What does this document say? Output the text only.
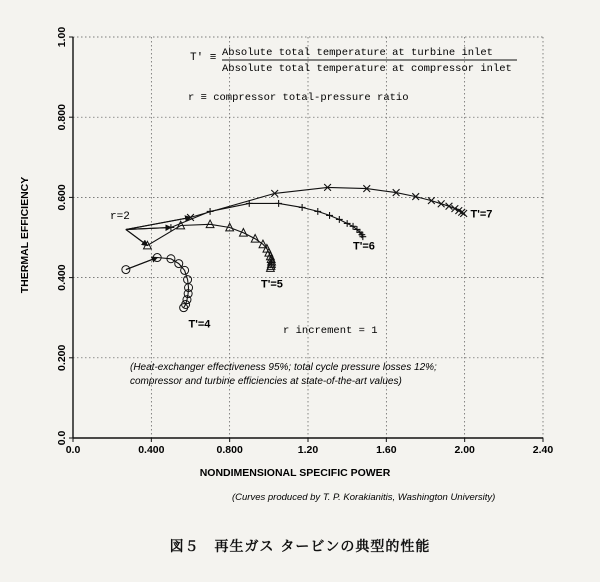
0.0	0.400	0.800	1.20	1.60	2.00	2.40
0.0
0.200
0.400
0.600
0.800
1.00
T'=4
T'=5
T'=6
T'=7
T' ≡ Absolute total temperature at turbine inlet
Absolute total temperature at compressor inlet
r ≡ compressor total-pressure ratio
r=2
r increment = 1
(Heat-exchanger effectiveness 95%; total cycle pressure losses 12%;
compressor and turbine efficiencies at state-of-the-art values)
NONDIMENSIONAL SPECIFIC POWER
THERMAL EFFICIENCY
(Curves produced by T. P. Korakianitis, Washington University)
図５　再生ガス タービンの典型的性能
